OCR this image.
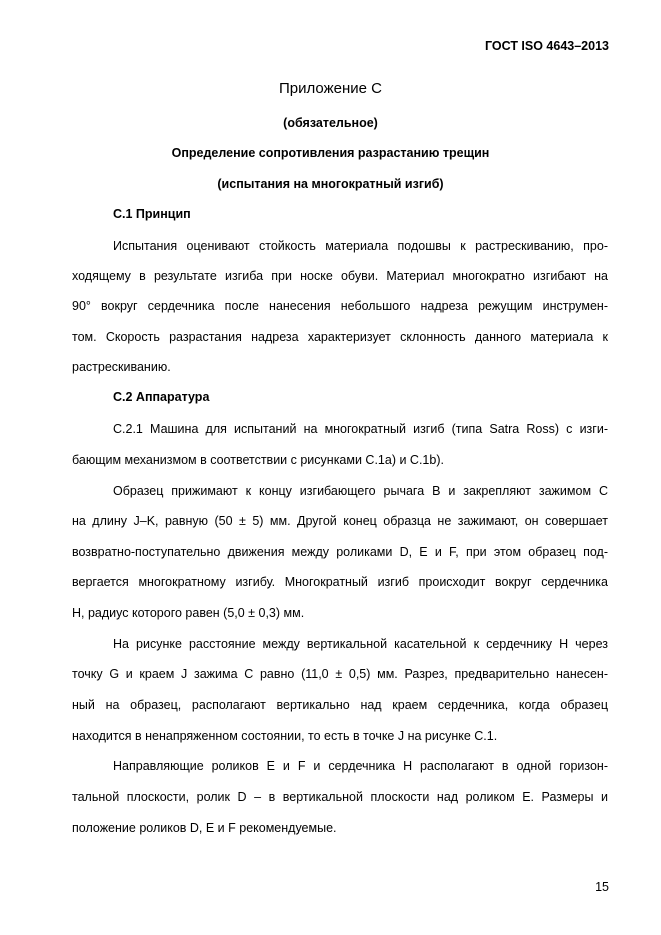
ГОСТ ISO 4643–2013
Приложение С
(обязательное)
Определение сопротивления разрастанию трещин
(испытания на многократный изгиб)
С.1 Принцип
Испытания оценивают стойкость материала подошвы к растрескиванию, про-
ходящему в результате изгиба при носке обуви. Материал многократно изгибают на
90° вокруг сердечника после нанесения небольшого надреза режущим инструмен-
том. Скорость разрастания надреза характеризует склонность данного материала к
растрескиванию.
С.2 Аппаратура
С.2.1 Машина для испытаний на многократный изгиб (типа Satra Ross) с изги-
бающим механизмом в соответствии с рисунками С.1а) и С.1b).
Образец прижимают к концу изгибающего рычага В и закрепляют зажимом С
на длину J–K, равную (50 ± 5) мм. Другой конец образца не зажимают, он совершает
возвратно-поступательно движения между роликами D, E и F, при этом образец под-
вергается многократному изгибу. Многократный изгиб происходит вокруг сердечника
Н, радиус которого равен (5,0 ± 0,3) мм.
На рисунке расстояние между вертикальной касательной к сердечнику Н через
точку G и краем J зажима С равно (11,0 ± 0,5) мм. Разрез, предварительно нанесен-
ный на образец, располагают вертикально над краем сердечника, когда образец
находится в ненапряженном состоянии, то есть в точке J на рисунке С.1.
Направляющие роликов Е и F и сердечника Н располагают в одной горизон-
тальной плоскости, ролик D – в вертикальной плоскости над роликом Е. Размеры и
положение роликов D, E и F рекомендуемые.
15
